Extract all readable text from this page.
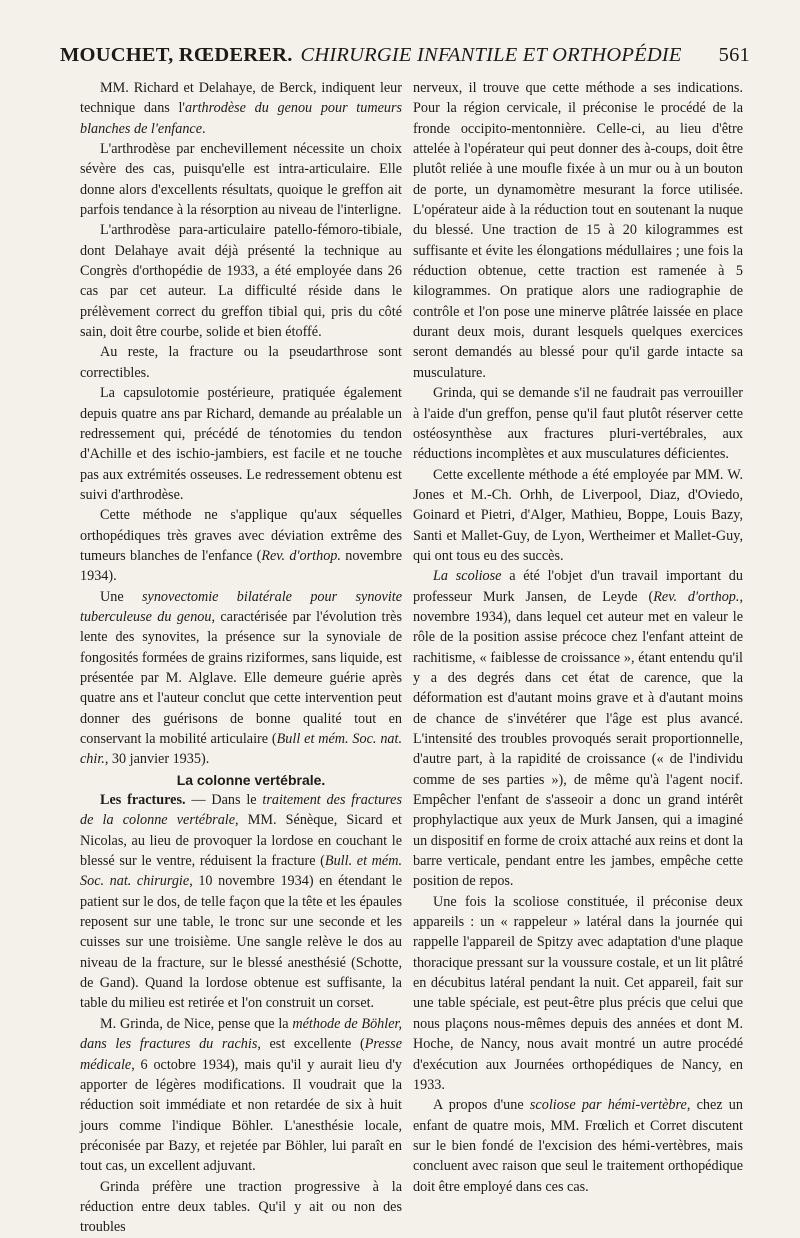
MOUCHET, RŒDERER. CHIRURGIE INFANTILE ET ORTHOPÉDIE 561

MM. Richard et Delahaye, de Berck, indiquent leur technique dans l'arthrodèse du genou pour tumeurs blanches de l'enfance.

L'arthrodèse par enchevillement nécessite un choix sévère des cas, puisqu'elle est intra-articulaire. Elle donne alors d'excellents résultats, quoique le greffon ait parfois tendance à la résorption au niveau de l'interligne.

L'arthrodèse para-articulaire patello-fémoro-tibiale, dont Delahaye avait déjà présenté la technique au Congrès d'orthopédie de 1933, a été employée dans 26 cas par cet auteur. La difficulté réside dans le prélèvement correct du greffon tibial qui, pris du côté sain, doit être courbe, solide et bien étoffé.

Au reste, la fracture ou la pseudarthrose sont correctibles.

La capsulotomie postérieure, pratiquée également depuis quatre ans par Richard, demande au préalable un redressement qui, précédé de ténotomies du tendon d'Achille et des ischio-jambiers, est facile et ne touche pas aux extrémités osseuses. Le redressement obtenu est suivi d'arthrodèse.

Cette méthode ne s'applique qu'aux séquelles orthopédiques très graves avec déviation extrême des tumeurs blanches de l'enfance (Rev. d'orthop. novembre 1934).

Une synovectomie bilatérale pour synovite tuberculeuse du genou, caractérisée par l'évolution très lente des synovites, la présence sur la synoviale de fongosités formées de grains riziformes, sans liquide, est présentée par M. Alglave. Elle demeure guérie après quatre ans et l'auteur conclut que cette intervention peut donner des guérisons de bonne qualité tout en conservant la mobilité articulaire (Bull et mém. Soc. nat. chir., 30 janvier 1935).

La colonne vertébrale.

Les fractures. — Dans le traitement des fractures de la colonne vertébrale, MM. Sénèque, Sicard et Nicolas, au lieu de provoquer la lordose en couchant le blessé sur le ventre, réduisent la fracture (Bull. et mém. Soc. nat. chirurgie, 10 novembre 1934) en étendant le patient sur le dos, de telle façon que la tête et les épaules reposent sur une table, le tronc sur une seconde et les cuisses sur une troisième. Une sangle relève le dos au niveau de la fracture, sur le blessé anesthésié (Schotte, de Gand). Quand la lordose obtenue est suffisante, la table du milieu est retirée et l'on construit un corset.

M. Grinda, de Nice, pense que la méthode de Böhler, dans les fractures du rachis, est excellente (Presse médicale, 6 octobre 1934), mais qu'il y aurait lieu d'y apporter de légères modifications. Il voudrait que la réduction soit immédiate et non retardée de six à huit jours comme l'indique Böhler. L'anesthésie locale, préconisée par Bazy, et rejetée par Böhler, lui paraît en tout cas, un excellent adjuvant.

Grinda préfère une traction progressive à la réduction entre deux tables. Qu'il y ait ou non des troubles

nerveux, il trouve que cette méthode a ses indications. Pour la région cervicale, il préconise le procédé de la fronde occipito-mentonnière. Celle-ci, au lieu d'être attelée à l'opérateur qui peut donner des à-coups, doit être plutôt reliée à une moufle fixée à un mur ou à un bouton de porte, un dynamomètre mesurant la force utilisée. L'opérateur aide à la réduction tout en soutenant la nuque du blessé. Une traction de 15 à 20 kilogrammes est suffisante et évite les élongations médullaires ; une fois la réduction obtenue, cette traction est ramenée à 5 kilogrammes. On pratique alors une radiographie de contrôle et l'on pose une minerve plâtrée laissée en place durant deux mois, durant lesquels quelques exercices seront demandés au blessé pour qu'il garde intacte sa musculature.

Grinda, qui se demande s'il ne faudrait pas verrouiller à l'aide d'un greffon, pense qu'il faut plutôt réserver cette ostéosynthèse aux fractures pluri-vertébrales, aux réductions incomplètes et aux musculatures déficientes.

Cette excellente méthode a été employée par MM. W. Jones et M.-Ch. Orhh, de Liverpool, Diaz, d'Oviedo, Goinard et Pietri, d'Alger, Mathieu, Boppe, Louis Bazy, Santi et Mallet-Guy, de Lyon, Wertheimer et Mallet-Guy, qui ont tous eu des succès.

La scoliose a été l'objet d'un travail important du professeur Murk Jansen, de Leyde (Rev. d'orthop., novembre 1934), dans lequel cet auteur met en valeur le rôle de la position assise précoce chez l'enfant atteint de rachitisme, « faiblesse de croissance », étant entendu qu'il y a des degrés dans cet état de carence, que la déformation est d'autant moins grave et à d'autant moins de chance de s'invétérer que l'âge est plus avancé. L'intensité des troubles provoqués serait proportionnelle, d'autre part, à la rapidité de croissance (« de l'individu comme de ses parties »), de même qu'à l'agent nocif. Empêcher l'enfant de s'asseoir a donc un grand intérêt prophylactique aux yeux de Murk Jansen, qui a imaginé un dispositif en forme de croix attaché aux reins et dont la barre verticale, pendant entre les jambes, empêche cette position de repos.

Une fois la scoliose constituée, il préconise deux appareils : un « rappeleur » latéral dans la journée qui rappelle l'appareil de Spitzy avec adaptation d'une plaque thoracique pressant sur la voussure costale, et un lit plâtré en décubitus latéral pendant la nuit. Cet appareil, fait sur une table spéciale, est peut-être plus précis que celui que nous plaçons nous-mêmes depuis des années et dont M. Hoche, de Nancy, nous avait montré un autre procédé d'exécution aux Journées orthopédiques de Nancy, en 1933.

A propos d'une scoliose par hémi-vertèbre, chez un enfant de quatre mois, MM. Frœlich et Corret discutent sur le bien fondé de l'excision des hémi-vertèbres, mais concluent avec raison que seul le traitement orthopédique doit être employé dans ces cas.
